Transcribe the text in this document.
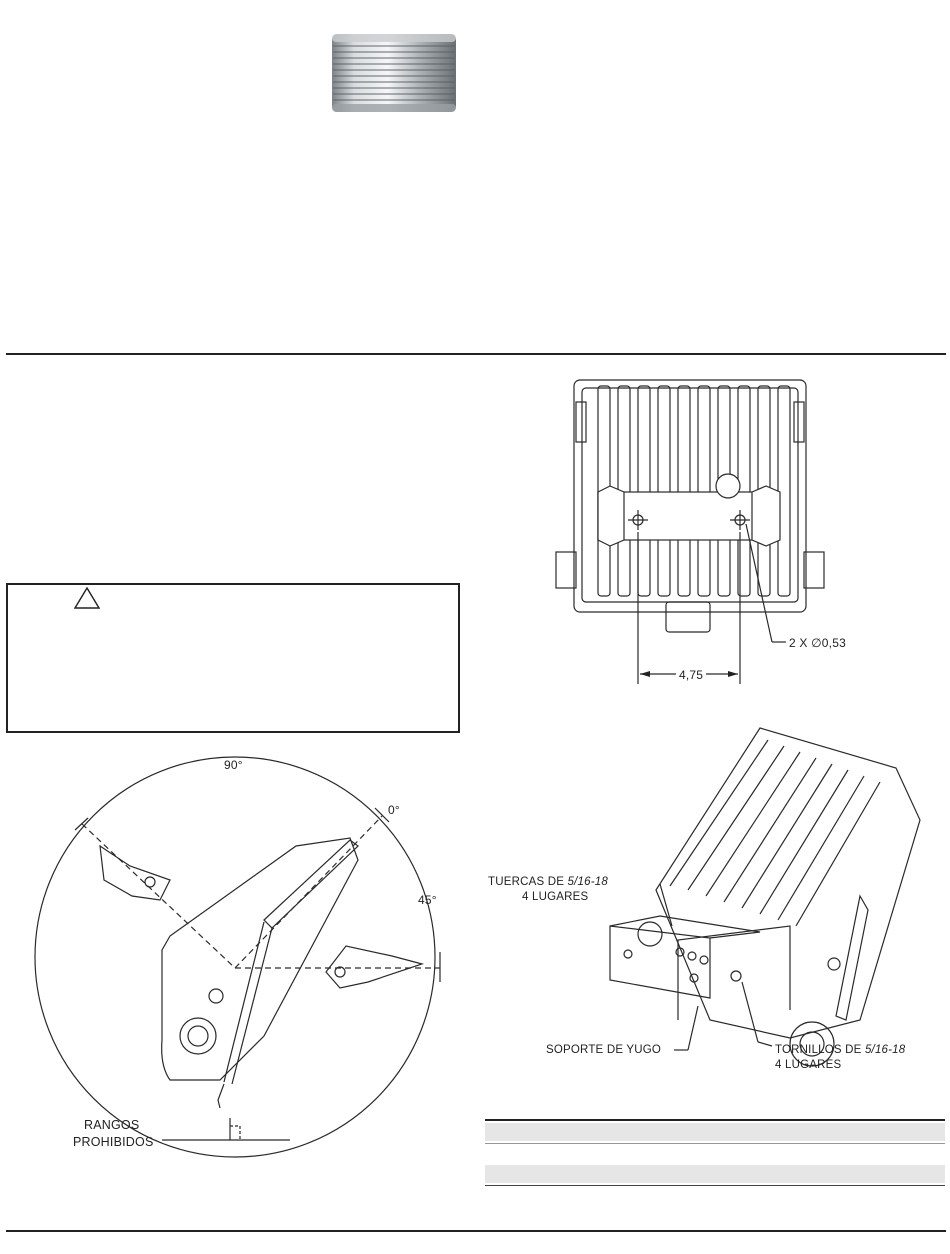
2 X ∅0,53
4,75
90°
0°
45°
RANGOS
PROHIBIDOS
TUERCAS DE 5/16-18
4 LUGARES
SOPORTE DE YUGO	TORNILLOS DE 5/16-18
4 LUGARES
